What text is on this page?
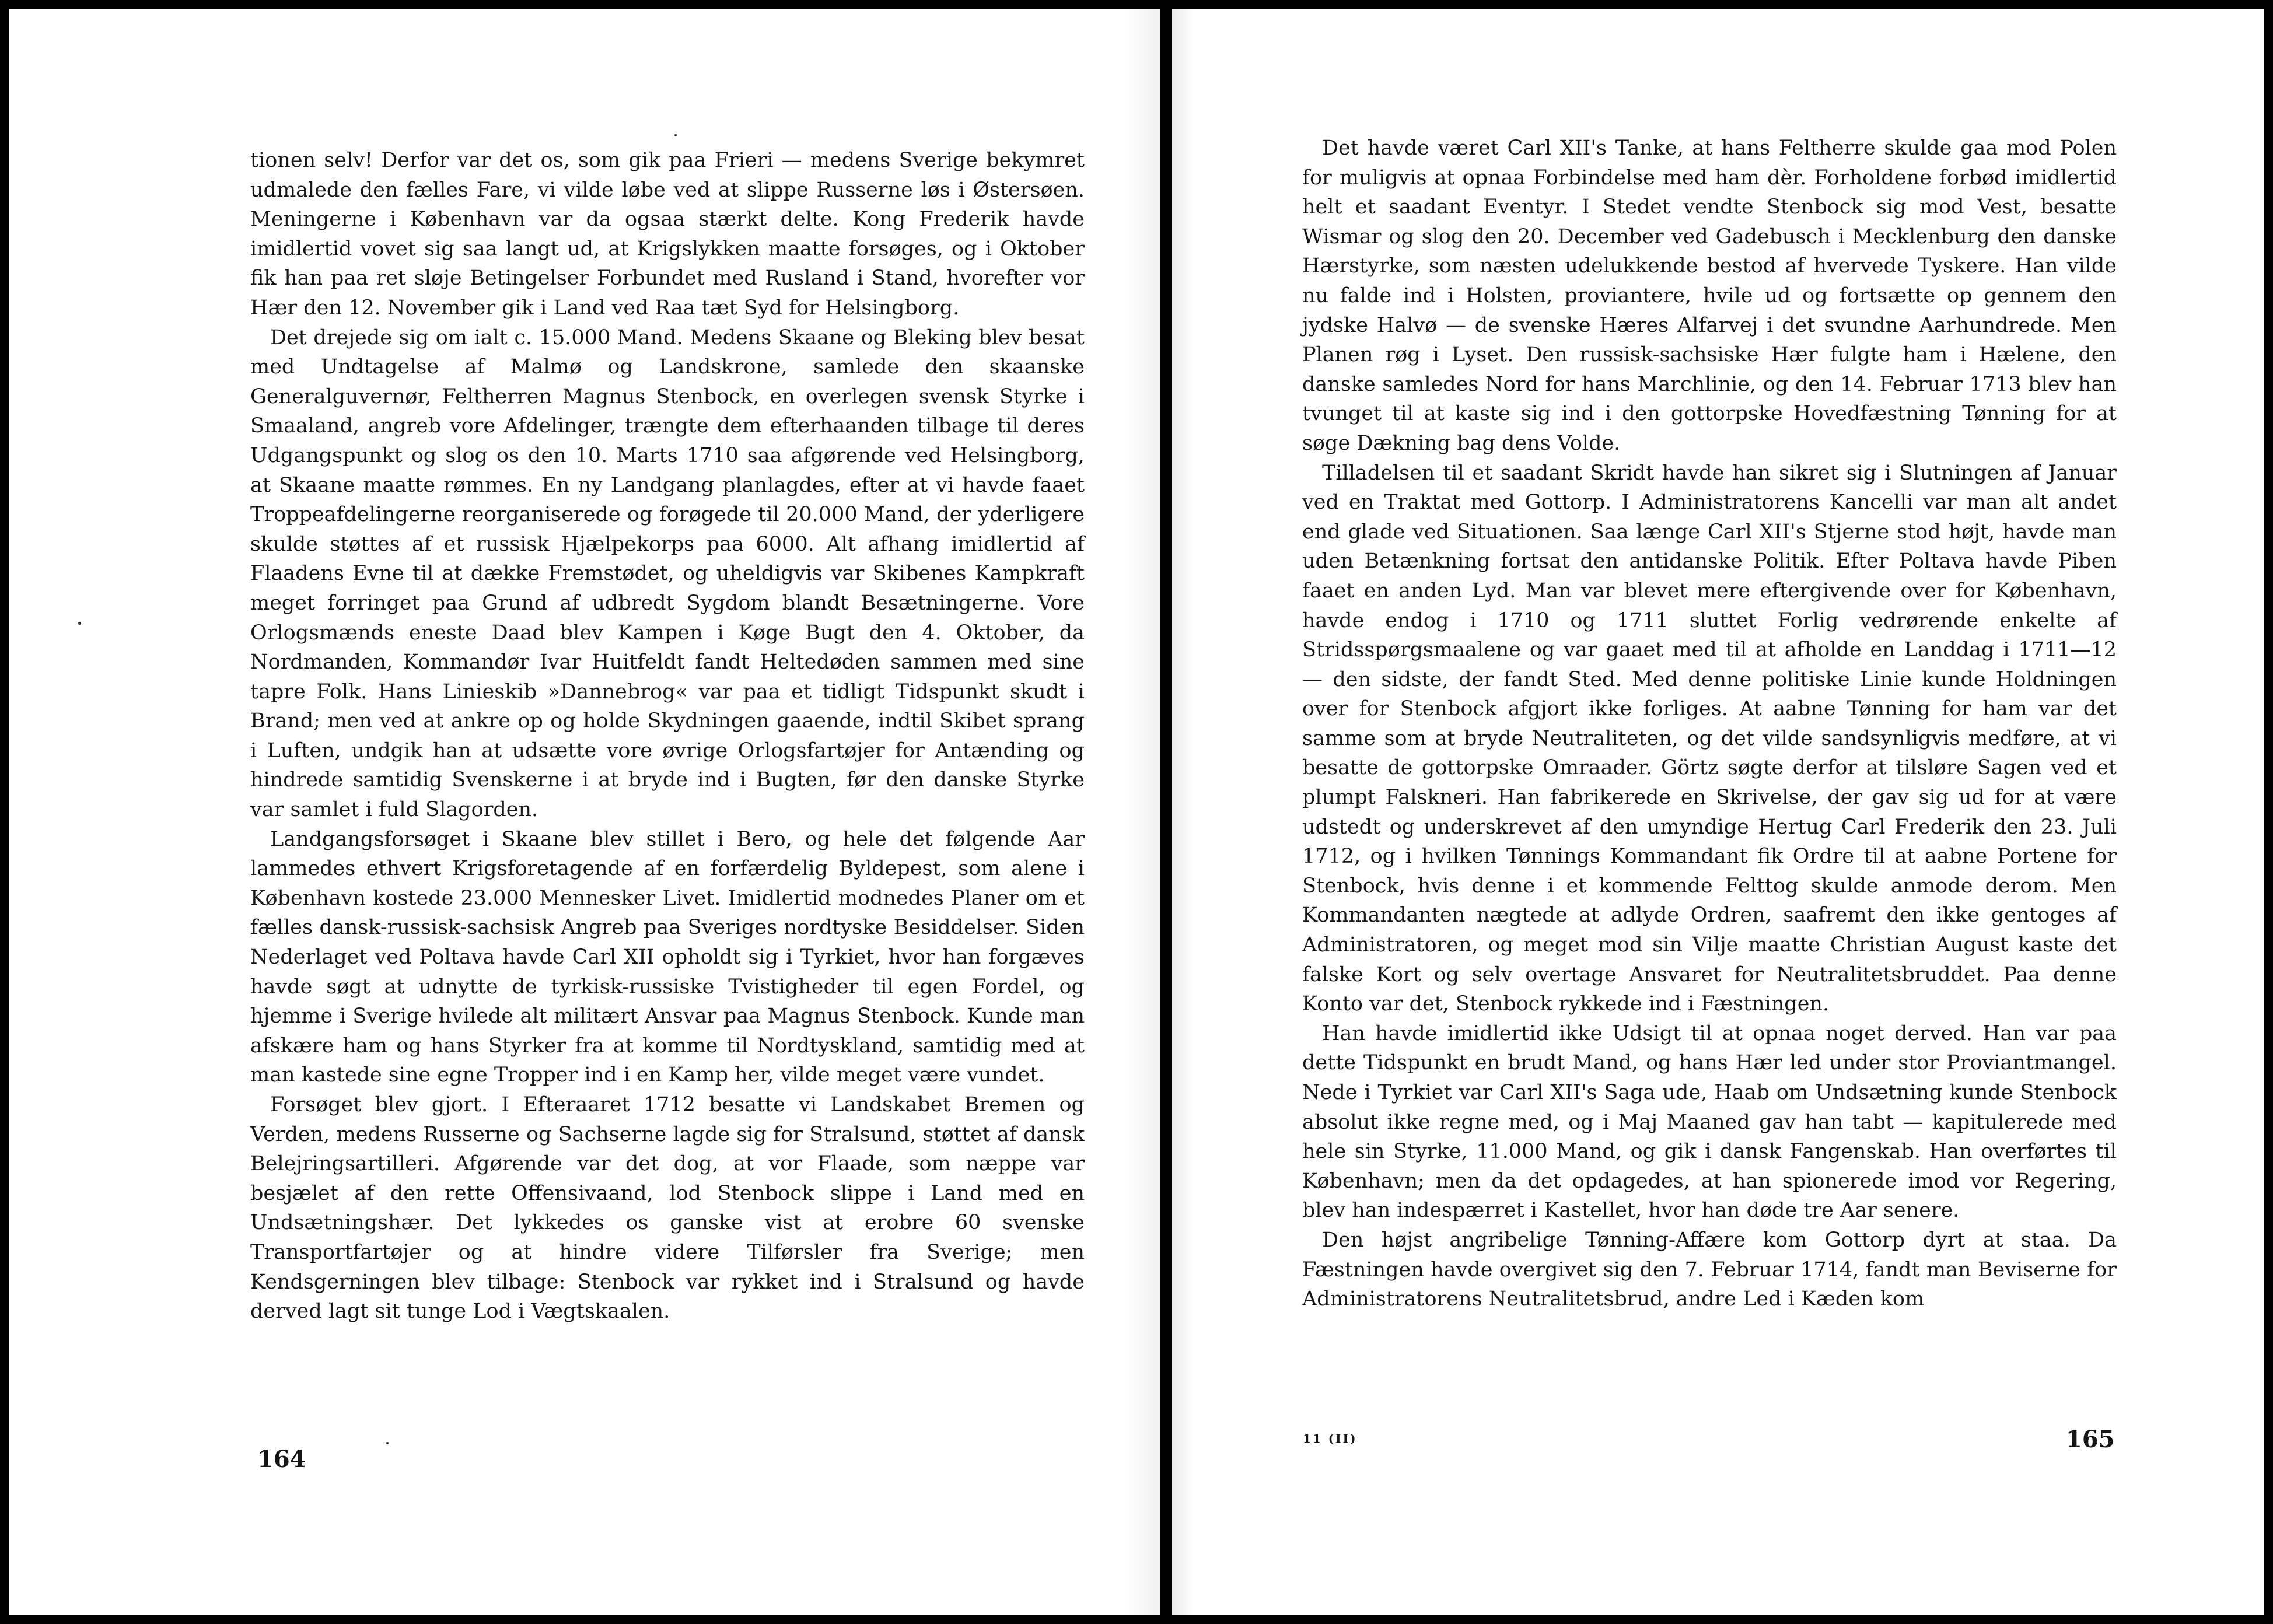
tionen selv! Derfor var det os, som gik paa Frieri — medens Sverige bekymret udmalede den fælles Fare, vi vilde løbe ved at slippe Russerne løs i Østersøen. Meningerne i København var da ogsaa stærkt delte. Kong Frederik havde imidlertid vovet sig saa langt ud, at Krigslykken maatte forsøges, og i Oktober fik han paa ret sløje Betingelser Forbundet med Rusland i Stand, hvorefter vor Hær den 12. November gik i Land ved Raa tæt Syd for Helsingborg.

Det drejede sig om ialt c. 15.000 Mand. Medens Skaane og Bleking blev besat med Undtagelse af Malmø og Landskrone, samlede den skaanske Generalguvernør, Feltherren Magnus Stenbock, en overlegen svensk Styrke i Smaaland, angreb vore Afdelinger, trængte dem efterhaanden tilbage til deres Udgangspunkt og slog os den 10. Marts 1710 saa afgørende ved Helsingborg, at Skaane maatte rømmes. En ny Landgang planlagdes, efter at vi havde faaet Troppeafdelingerne reorganiserede og forøgede til 20.000 Mand, der yderligere skulde støttes af et russisk Hjælpekorps paa 6000. Alt afhang imidlertid af Flaadens Evne til at dække Fremstødet, og uheldigvis var Skibenes Kampkraft meget forringet paa Grund af udbredt Sygdom blandt Besætningerne. Vore Orlogsmænds eneste Daad blev Kampen i Køge Bugt den 4. Oktober, da Nordmanden, Kommandør Ivar Huitfeldt fandt Heltedøden sammen med sine tapre Folk. Hans Linieskib »Dannebrog« var paa et tidligt Tidspunkt skudt i Brand; men ved at ankre op og holde Skydningen gaaende, indtil Skibet sprang i Luften, undgik han at udsætte vore øvrige Orlogsfartøjer for Antænding og hindrede samtidig Svenskerne i at bryde ind i Bugten, før den danske Styrke var samlet i fuld Slagorden.

Landgangsforsøget i Skaane blev stillet i Bero, og hele det følgende Aar lammedes ethvert Krigsforetagende af en forfærdelig Byldepest, som alene i København kostede 23.000 Mennesker Livet. Imidlertid modnedes Planer om et fælles dansk-russisk-sachsisk Angreb paa Sveriges nordtyske Besiddelser. Siden Nederlaget ved Poltava havde Carl XII opholdt sig i Tyrkiet, hvor han forgæves havde søgt at udnytte de tyrkisk-russiske Tvistigheder til egen Fordel, og hjemme i Sverige hvilede alt militært Ansvar paa Magnus Stenbock. Kunde man afskære ham og hans Styrker fra at komme til Nordtyskland, samtidig med at man kastede sine egne Tropper ind i en Kamp her, vilde meget være vundet.

Forsøget blev gjort. I Efteraaret 1712 besatte vi Landskabet Bremen og Verden, medens Russerne og Sachserne lagde sig for Stralsund, støttet af dansk Belejringsartilleri. Afgørende var det dog, at vor Flaade, som næppe var besjælet af den rette Offensivaand, lod Stenbock slippe i Land med en Undsætningshær. Det lykkedes os ganske vist at erobre 60 svenske Transportfartøjer og at hindre videre Tilførsler fra Sverige; men Kendsgerningen blev tilbage: Stenbock var rykket ind i Stralsund og havde derved lagt sit tunge Lod i Vægtskaalen.

164

Det havde været Carl XII's Tanke, at hans Feltherre skulde gaa mod Polen for muligvis at opnaa Forbindelse med ham dèr. Forholdene forbød imidlertid helt et saadant Eventyr. I Stedet vendte Stenbock sig mod Vest, besatte Wismar og slog den 20. December ved Gadebusch i Mecklenburg den danske Hærstyrke, som næsten udelukkende bestod af hvervede Tyskere. Han vilde nu falde ind i Holsten, proviantere, hvile ud og fortsætte op gennem den jydske Halvø — de svenske Hæres Alfarvej i det svundne Aarhundrede. Men Planen røg i Lyset. Den russisk-sachsiske Hær fulgte ham i Hælene, den danske samledes Nord for hans Marchlinie, og den 14. Februar 1713 blev han tvunget til at kaste sig ind i den gottorpske Hovedfæstning Tønning for at søge Dækning bag dens Volde.

Tilladelsen til et saadant Skridt havde han sikret sig i Slutningen af Januar ved en Traktat med Gottorp. I Administratorens Kancelli var man alt andet end glade ved Situationen. Saa længe Carl XII's Stjerne stod højt, havde man uden Betænkning fortsat den antidanske Politik. Efter Poltava havde Piben faaet en anden Lyd. Man var blevet mere eftergivende over for København, havde endog i 1710 og 1711 sluttet Forlig vedrørende enkelte af Stridsspørgsmaalene og var gaaet med til at afholde en Landdag i 1711—12 — den sidste, der fandt Sted. Med denne politiske Linie kunde Holdningen over for Stenbock afgjort ikke forliges. At aabne Tønning for ham var det samme som at bryde Neutraliteten, og det vilde sandsynligvis medføre, at vi besatte de gottorpske Omraader. Görtz søgte derfor at tilsløre Sagen ved et plumpt Falskneri. Han fabrikerede en Skrivelse, der gav sig ud for at være udstedt og underskrevet af den umyndige Hertug Carl Frederik den 23. Juli 1712, og i hvilken Tønnings Kommandant fik Ordre til at aabne Portene for Stenbock, hvis denne i et kommende Felttog skulde anmode derom. Men Kommandanten nægtede at adlyde Ordren, saafremt den ikke gentoges af Administratoren, og meget mod sin Vilje maatte Christian August kaste det falske Kort og selv overtage Ansvaret for Neutralitetsbruddet. Paa denne Konto var det, Stenbock rykkede ind i Fæstningen.

Han havde imidlertid ikke Udsigt til at opnaa noget derved. Han var paa dette Tidspunkt en brudt Mand, og hans Hær led under stor Proviantmangel. Nede i Tyrkiet var Carl XII's Saga ude, Haab om Undsætning kunde Stenbock absolut ikke regne med, og i Maj Maaned gav han tabt — kapitulerede med hele sin Styrke, 11.000 Mand, og gik i dansk Fangenskab. Han overførtes til København; men da det opdagedes, at han spionerede imod vor Regering, blev han indespærret i Kastellet, hvor han døde tre Aar senere.

Den højst angribelige Tønning-Affære kom Gottorp dyrt at staa. Da Fæstningen havde overgivet sig den 7. Februar 1714, fandt man Beviserne for Administratorens Neutralitetsbrud, andre Led i Kæden kom

11 (II)	165
